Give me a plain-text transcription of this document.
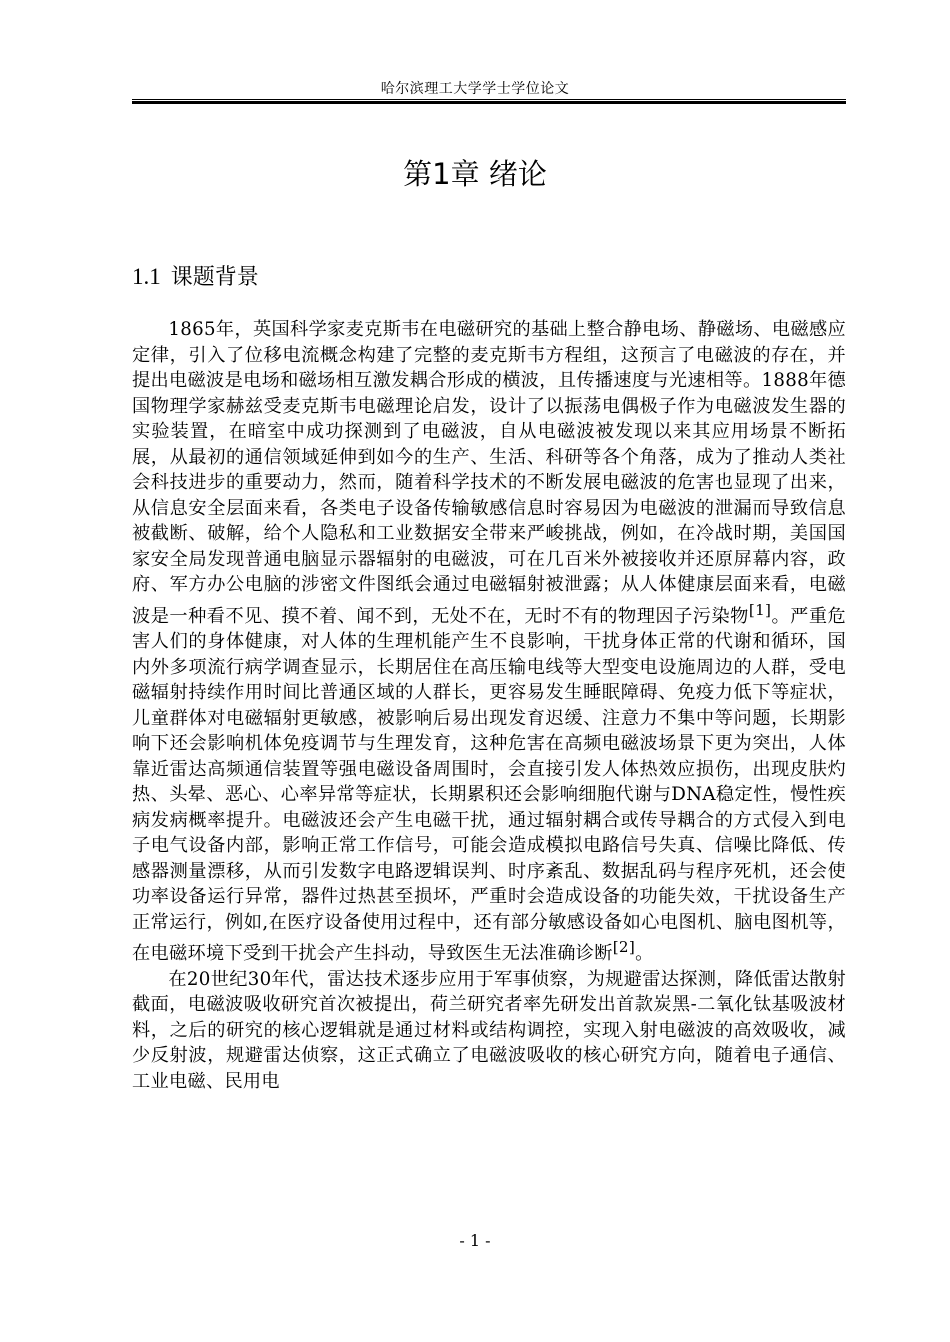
哈尔滨理工大学学士学位论文
第1章 绪论
1.1 课题背景

1865年，英国科学家麦克斯韦在电磁研究的基础上整合静电场、静磁场、电磁感应定律，引入了位移电流概念构建了完整的麦克斯韦方程组，这预言了电磁波的存在，并提出电磁波是电场和磁场相互激发耦合形成的横波，且传播速度与光速相等。1888年德国物理学家赫兹受麦克斯韦电磁理论启发，设计了以振荡电偶极子作为电磁波发生器的实验装置，在暗室中成功探测到了电磁波，自从电磁波被发现以来其应用场景不断拓展，从最初的通信领域延伸到如今的生产、生活、科研等各个角落，成为了推动人类社会科技进步的重要动力，然而，随着科学技术的不断发展电磁波的危害也显现了出来，从信息安全层面来看，各类电子设备传输敏感信息时容易因为电磁波的泄漏而导致信息被截断、破解，给个人隐私和工业数据安全带来严峻挑战，例如，在冷战时期，美国国家安全局发现普通电脑显示器辐射的电磁波，可在几百米外被接收并还原屏幕内容，政府、军方办公电脑的涉密文件图纸会通过电磁辐射被泄露；从人体健康层面来看，电磁波是一种看不见、摸不着、闻不到，无处不在，无时不有的物理因子污染物[1]。严重危害人们的身体健康，对人体的生理机能产生不良影响，干扰身体正常的代谢和循环，国内外多项流行病学调查显示，长期居住在高压输电线等大型变电设施周边的人群，受电磁辐射持续作用时间比普通区域的人群长，更容易发生睡眠障碍、免疫力低下等症状，儿童群体对电磁辐射更敏感，被影响后易出现发育迟缓、注意力不集中等问题，长期影响下还会影响机体免疫调节与生理发育，这种危害在高频电磁波场景下更为突出，人体靠近雷达高频通信装置等强电磁设备周围时，会直接引发人体热效应损伤，出现皮肤灼热、头晕、恶心、心率异常等症状，长期累积还会影响细胞代谢与DNA稳定性，慢性疾病发病概率提升。电磁波还会产生电磁干扰，通过辐射耦合或传导耦合的方式侵入到电子电气设备内部，影响正常工作信号，可能会造成模拟电路信号失真、信噪比降低、传感器测量漂移，从而引发数字电路逻辑误判、时序紊乱、数据乱码与程序死机，还会使功率设备运行异常，器件过热甚至损坏，严重时会造成设备的功能失效，干扰设备生产正常运行，例如,在医疗设备使用过程中，还有部分敏感设备如心电图机、脑电图机等，在电磁环境下受到干扰会产生抖动，导致医生无法准确诊断[2]。

在20世纪30年代，雷达技术逐步应用于军事侦察，为规避雷达探测，降低雷达散射截面，电磁波吸收研究首次被提出，荷兰研究者率先研发出首款炭黑-二氧化钛基吸波材料，之后的研究的核心逻辑就是通过材料或结构调控，实现入射电磁波的高效吸收，减少反射波，规避雷达侦察，这正式确立了电磁波吸收的核心研究方向，随着电子通信、工业电磁、民用电

- 1 -
